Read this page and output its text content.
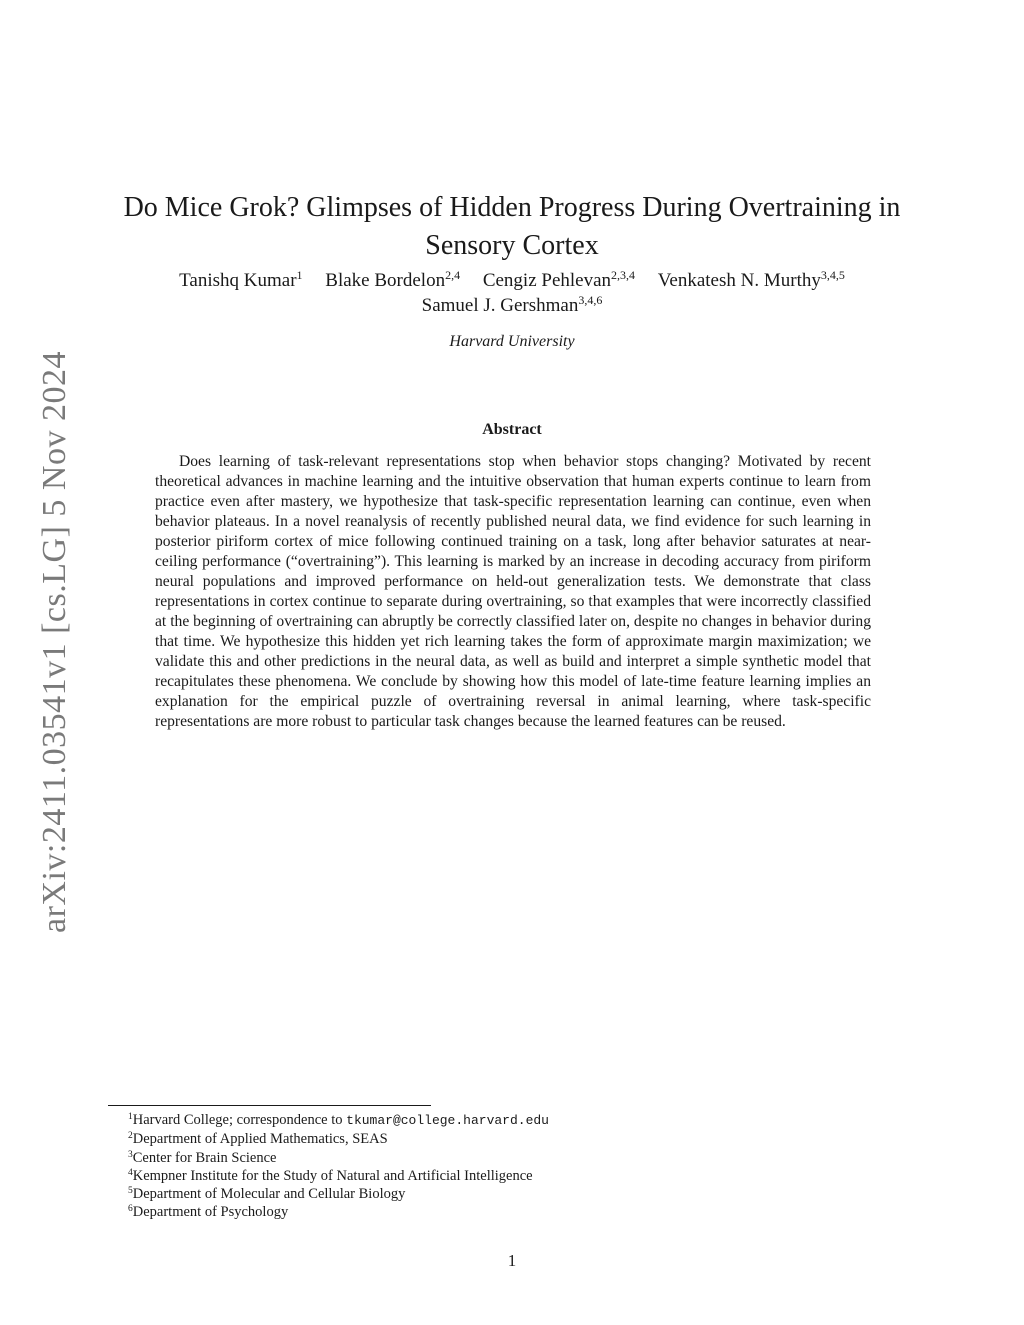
arXiv:2411.03541v1 [cs.LG] 5 Nov 2024
Do Mice Grok? Glimpses of Hidden Progress During Overtraining in Sensory Cortex
Tanishq Kumar$^1$ Blake Bordelon$^{2,4}$ Cengiz Pehlevan$^{2,3,4}$ Venkatesh N. Murthy$^{3,4,5}$
Samuel J. Gershman$^{3,4,6}$
Harvard University
Abstract

Does learning of task-relevant representations stop when behavior stops changing? Motivated by recent theoretical advances in machine learning and the intuitive observation that human experts continue to learn from practice even after mastery, we hypothesize that task-specific representation learning can continue, even when behavior plateaus. In a novel reanalysis of recently published neural data, we find evidence for such learning in posterior piriform cortex of mice following continued training on a task, long after behavior saturates at near-ceiling performance (“overtraining”). This learning is marked by an increase in decoding accuracy from piriform neural populations and improved performance on held-out generalization tests. We demonstrate that class representations in cortex continue to separate during overtraining, so that examples that were incorrectly classified at the beginning of overtraining can abruptly be correctly classified later on, despite no changes in behavior during that time. We hypothesize this hidden yet rich learning takes the form of approximate margin maximization; we validate this and other predictions in the neural data, as well as build and interpret a simple synthetic model that recapitulates these phenomena. We conclude by showing how this model of late-time feature learning implies an explanation for the empirical puzzle of overtraining reversal in animal learning, where task-specific representations are more robust to particular task changes because the learned features can be reused.

$^1$Harvard College; correspondence to tkumar@college.harvard.edu
$^2$Department of Applied Mathematics, SEAS
$^3$Center for Brain Science
$^4$Kempner Institute for the Study of Natural and Artificial Intelligence
$^5$Department of Molecular and Cellular Biology
$^6$Department of Psychology
1
